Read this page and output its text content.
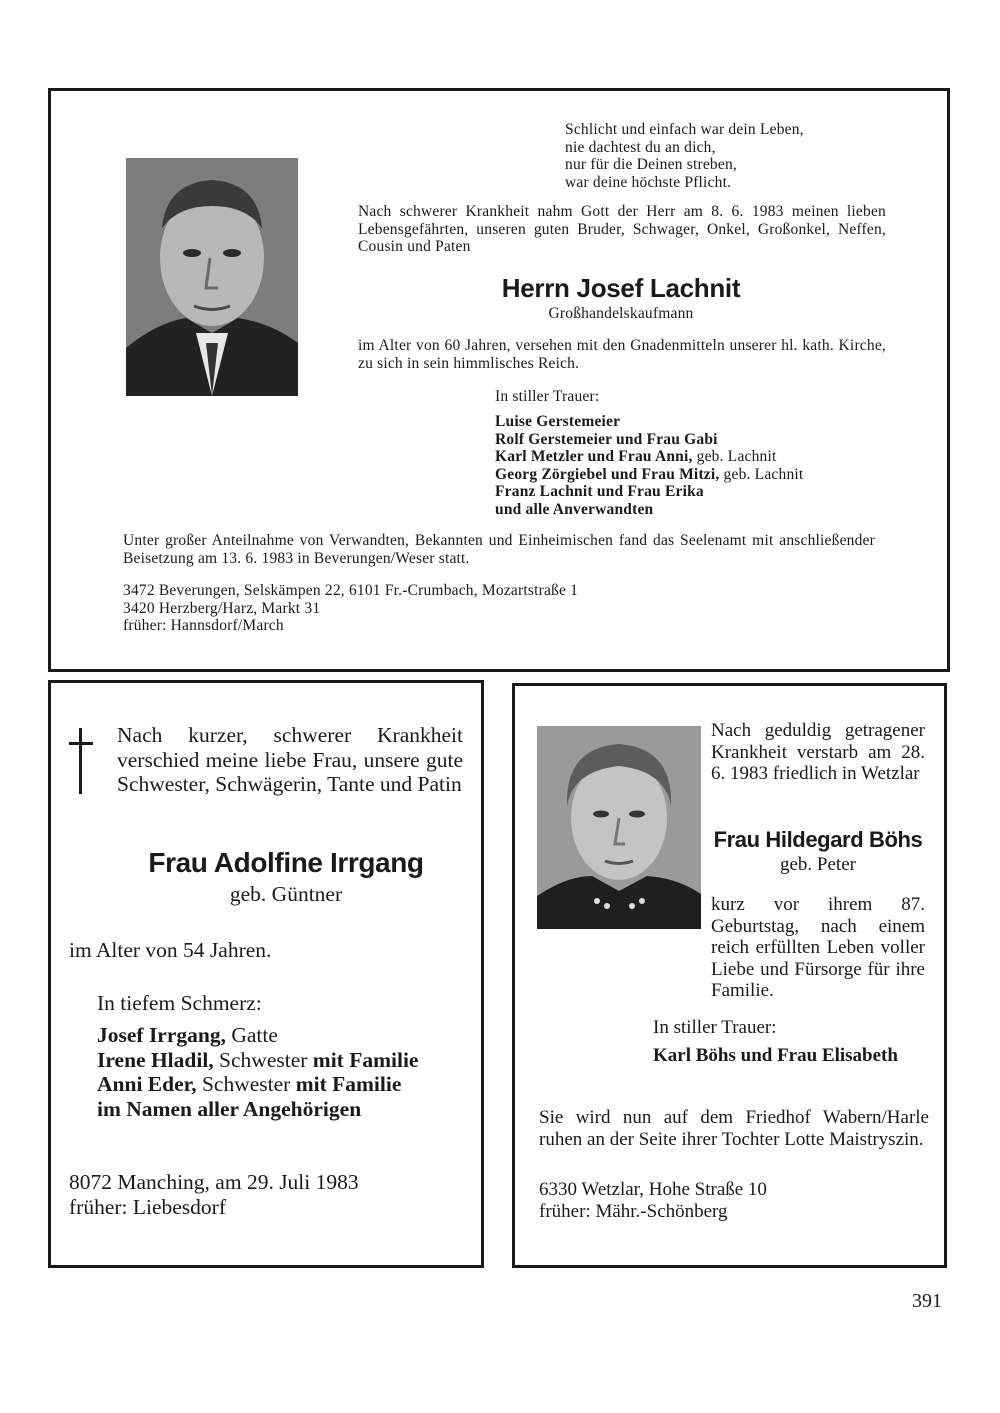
Schlicht und einfach war dein Leben,
nie dachtest du an dich,
nur für die Deinen streben,
war deine höchste Pflicht.
Nach schwerer Krankheit nahm Gott der Herr am 8. 6. 1983 meinen lieben Lebensgefährten, unseren guten Bruder, Schwager, Onkel, Großonkel, Neffen, Cousin und Paten
Herrn Josef Lachnit
Großhandelskaufmann
im Alter von 60 Jahren, versehen mit den Gnadenmitteln unserer hl. kath. Kirche, zu sich in sein himmlisches Reich.
In stiller Trauer:
Luise Gerstemeier
Rolf Gerstemeier und Frau Gabi
Karl Metzler und Frau Anni, geb. Lachnit
Georg Zörgiebel und Frau Mitzi, geb. Lachnit
Franz Lachnit und Frau Erika
und alle Anverwandten
Unter großer Anteilnahme von Verwandten, Bekannten und Einheimischen fand das Seelenamt mit anschließender Beisetzung am 13. 6. 1983 in Beverungen/Weser statt.
3472 Beverungen, Selskämpen 22, 6101 Fr.-Crumbach, Mozartstraße 1
3420 Herzberg/Harz, Markt 31
früher: Hannsdorf/March
Nach kurzer, schwerer Krankheit verschied meine liebe Frau, unsere gute Schwester, Schwägerin, Tante und Patin
Frau Adolfine Irrgang
geb. Güntner
im Alter von 54 Jahren.
In tiefem Schmerz:
Josef Irrgang, Gatte
Irene Hladil, Schwester mit Familie
Anni Eder, Schwester mit Familie
im Namen aller Angehörigen
8072 Manching, am 29. Juli 1983
früher: Liebesdorf
Nach geduldig getragener Krankheit verstarb am 28. 6. 1983 friedlich in Wetzlar
Frau Hildegard Böhs
geb. Peter
kurz vor ihrem 87. Geburtstag, nach einem reich erfüllten Leben voller Liebe und Fürsorge für ihre Familie.
In stiller Trauer:
Karl Böhs und Frau Elisabeth
Sie wird nun auf dem Friedhof Wabern/Harle ruhen an der Seite ihrer Tochter Lotte Maistryszin.
6330 Wetzlar, Hohe Straße 10
früher: Mähr.-Schönberg
391
